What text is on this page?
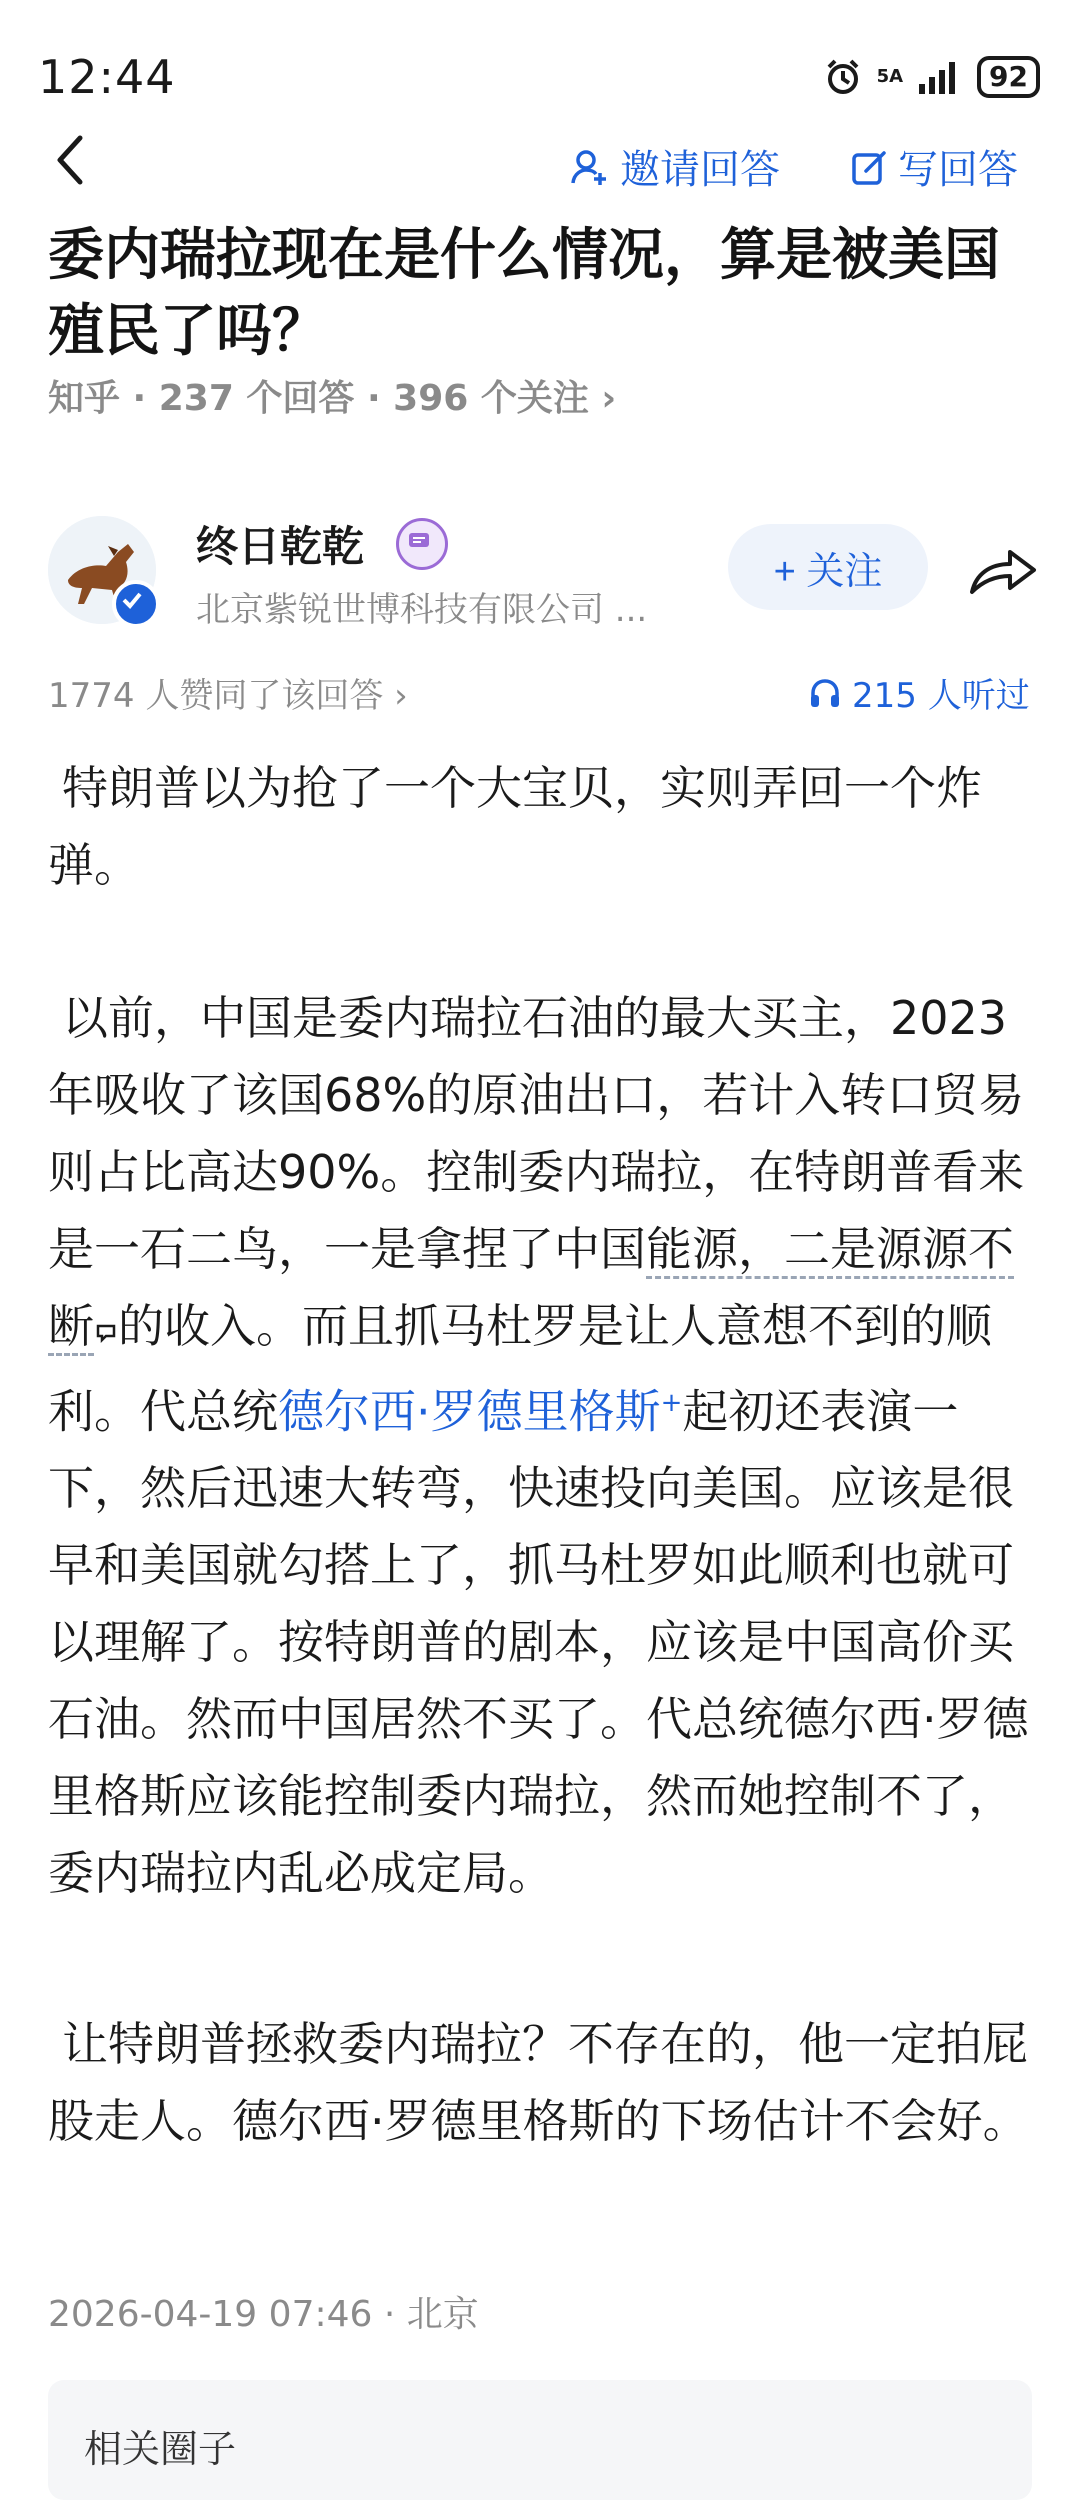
12:44	5A	92
邀请回答	写回答
委内瑞拉现在是什么情况，算是被美国殖民了吗？
知乎 · 237 个回答 · 396 个关注 ›
终日乾乾
北京紫锐世博科技有限公司 ...
+ 关注
1774 人赞同了该回答 ›	215 人听过
特朗普以为抢了一个大宝贝，实则弄回一个炸弹。
以前，中国是委内瑞拉石油的最大买主，2023年吸收了该国68%的原油出口，若计入转口贸易则占比高达90%。控制委内瑞拉，在特朗普看来是一石二鸟，一是拿捏了中国能源，二是源源不断 的收入。而且抓马杜罗是让人意想不到的顺利。代总统德尔西·罗德里格斯+起初还表演一下，然后迅速大转弯，快速投向美国。应该是很早和美国就勾搭上了，抓马杜罗如此顺利也就可以理解了。按特朗普的剧本，应该是中国高价买石油。然而中国居然不买了。代总统德尔西·罗德里格斯应该能控制委内瑞拉，然而她控制不了，委内瑞拉内乱必成定局。
让特朗普拯救委内瑞拉？不存在的，他一定拍屁股走人。德尔西·罗德里格斯的下场估计不会好。
2026-04-19 07:46 · 北京
相关圈子
